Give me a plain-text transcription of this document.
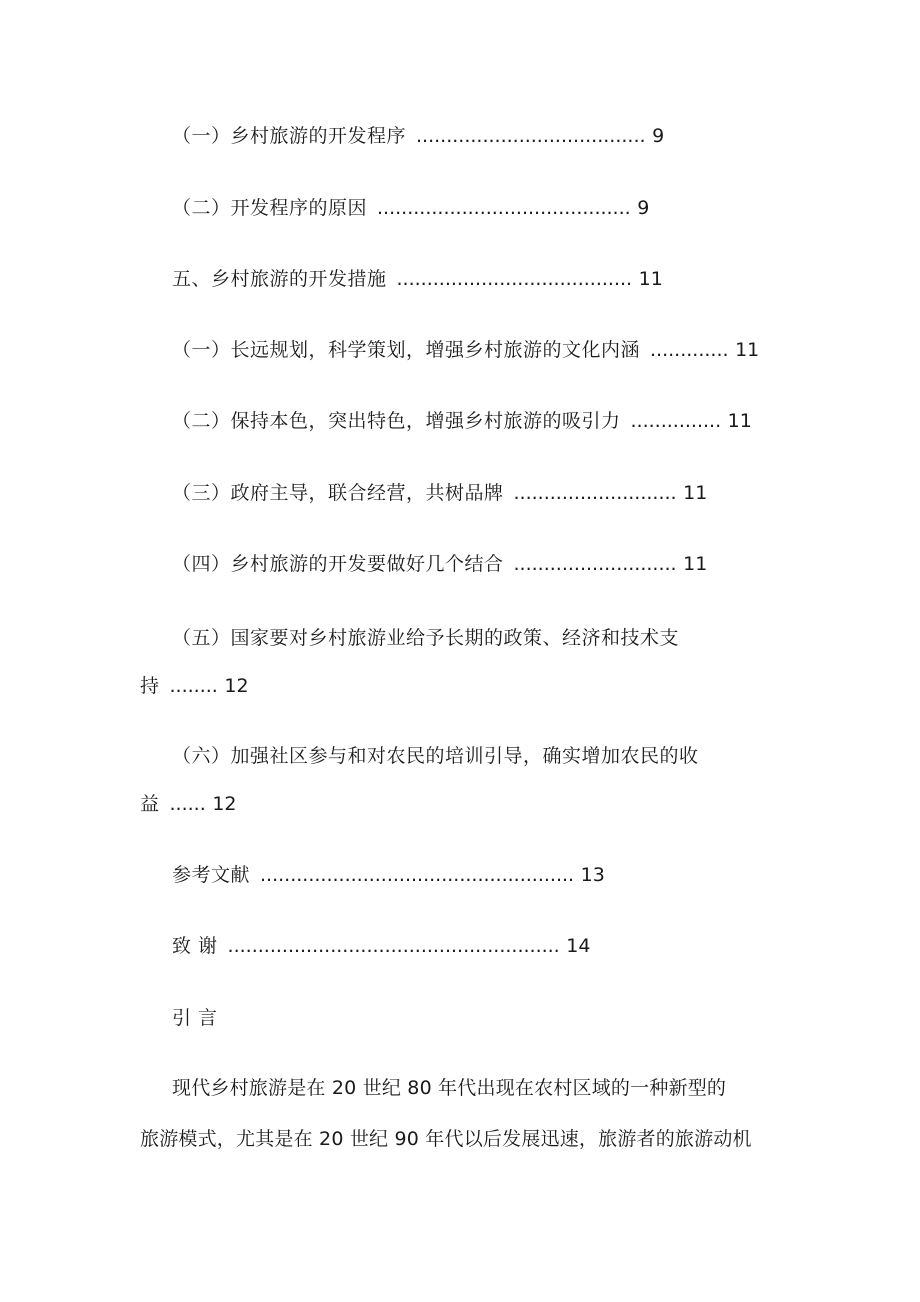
（一）乡村旅游的开发程序 ...................................... 9
（二）开发程序的原因 .......................................... 9
五、乡村旅游的开发措施 ....................................... 11
（一）长远规划，科学策划，增强乡村旅游的文化内涵 ............. 11
（二）保持本色，突出特色，增强乡村旅游的吸引力 ............... 11
（三）政府主导，联合经营，共树品牌 ........................... 11
（四）乡村旅游的开发要做好几个结合 ........................... 11
（五）国家要对乡村旅游业给予长期的政策、经济和技术支
持 ........ 12
（六）加强社区参与和对农民的培训引导，确实增加农民的收
益 ...... 12
参考文献 .................................................... 13
致 谢 ....................................................... 14
引 言
现代乡村旅游是在 20 世纪 80 年代出现在农村区域的一种新型的
旅游模式，尤其是在 20 世纪 90 年代以后发展迅速，旅游者的旅游动机
